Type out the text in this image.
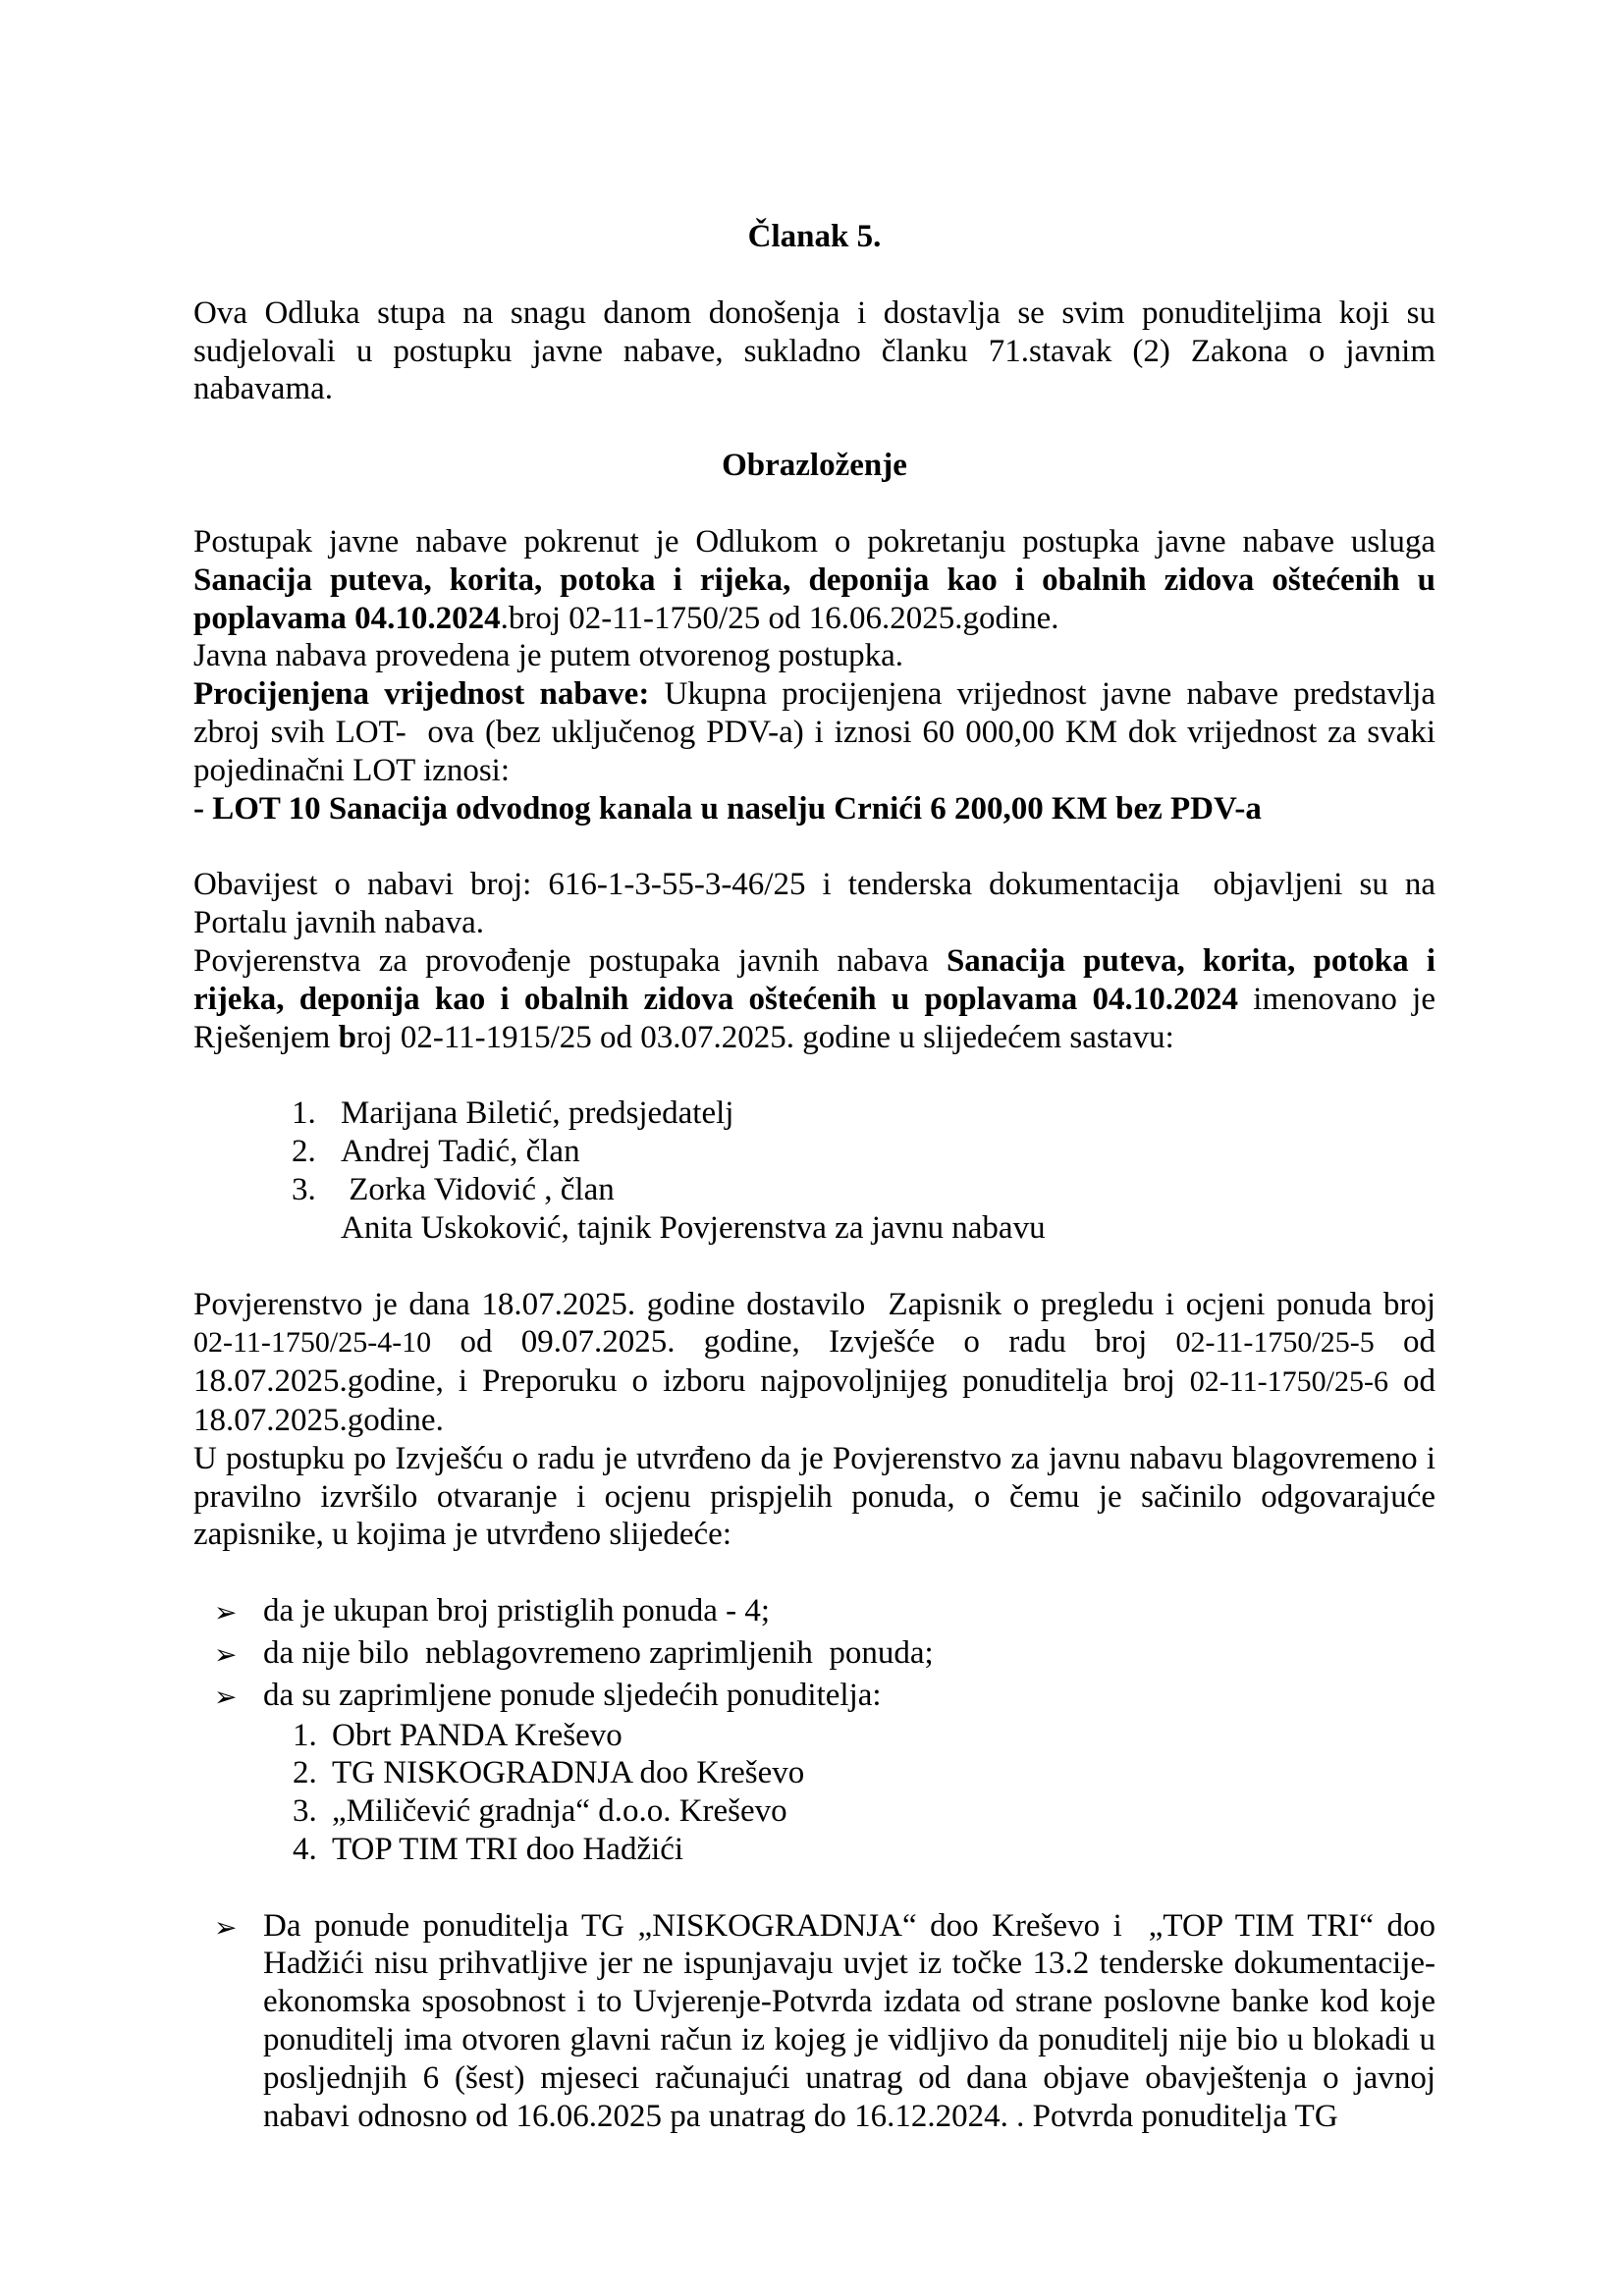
Članak 5.

Ova Odluka stupa na snagu danom donošenja i dostavlja se svim ponuditeljima koji su sudjelovali u postupku javne nabave, sukladno članku 71.stavak (2) Zakona o javnim nabavama.

Obrazloženje

Postupak javne nabave pokrenut je Odlukom o pokretanju postupka javne nabave usluga Sanacija puteva, korita, potoka i rijeka, deponija kao i obalnih zidova oštećenih u poplavama 04.10.2024.broj 02-11-1750/25 od 16.06.2025.godine.

Javna nabava provedena je putem otvorenog postupka.

Procijenjena vrijednost nabave: Ukupna procijenjena vrijednost javne nabave predstavlja zbroj svih LOT-  ova (bez uključenog PDV-a) i iznosi 60 000,00 KM dok vrijednost za svaki pojedinačni LOT iznosi:

- LOT 10 Sanacija odvodnog kanala u naselju Crnići 6 200,00 KM bez PDV-a

Obavijest o nabavi broj: 616-1-3-55-3-46/25 i tenderska dokumentacija  objavljeni su na Portalu javnih nabava.

Povjerenstva za provođenje postupaka javnih nabava Sanacija puteva, korita, potoka i rijeka, deponija kao i obalnih zidova oštećenih u poplavama 04.10.2024 imenovano je Rješenjem broj 02-11-1915/25 od 03.07.2025. godine u slijedećem sastavu:

1. Marijana Biletić, predsjedatelj
2. Andrej Tadić, član
3. Zorka Vidović , član
Anita Uskoković, tajnik Povjerenstva za javnu nabavu

Povjerenstvo je dana 18.07.2025. godine dostavilo  Zapisnik o pregledu i ocjeni ponuda broj 02-11-1750/25-4-10 od 09.07.2025. godine, Izvješće o radu broj 02-11-1750/25-5 od 18.07.2025.godine, i Preporuku o izboru najpovoljnijeg ponuditelja broj 02-11-1750/25-6 od 18.07.2025.godine.

U postupku po Izvješću o radu je utvrđeno da je Povjerenstvo za javnu nabavu blagovremeno i pravilno izvršilo otvaranje i ocjenu prispjelih ponuda, o čemu je sačinilo odgovarajuće zapisnike, u kojima je utvrđeno slijedeće:

➢ da je ukupan broj pristiglih ponuda - 4;
➢ da nije bilo  neblagovremeno zaprimljenih  ponuda;
➢ da su zaprimljene ponude sljedećih ponuditelja:
1. Obrt PANDA Kreševo
2. TG NISKOGRADNJA doo Kreševo
3. „Miličević gradnja“ d.o.o. Kreševo
4. TOP TIM TRI doo Hadžići
➢ Da ponude ponuditelja TG „NISKOGRADNJA“ doo Kreševo i  „TOP TIM TRI“ doo Hadžići nisu prihvatljive jer ne ispunjavaju uvjet iz točke 13.2 tenderske dokumentacije-ekonomska sposobnost i to Uvjerenje-Potvrda izdata od strane poslovne banke kod koje ponuditelj ima otvoren glavni račun iz kojeg je vidljivo da ponuditelj nije bio u blokadi u posljednjih 6 (šest) mjeseci računajući unatrag od dana objave obavještenja o javnoj nabavi odnosno od 16.06.2025 pa unatrag do 16.12.2024. . Potvrda ponuditelja TG
